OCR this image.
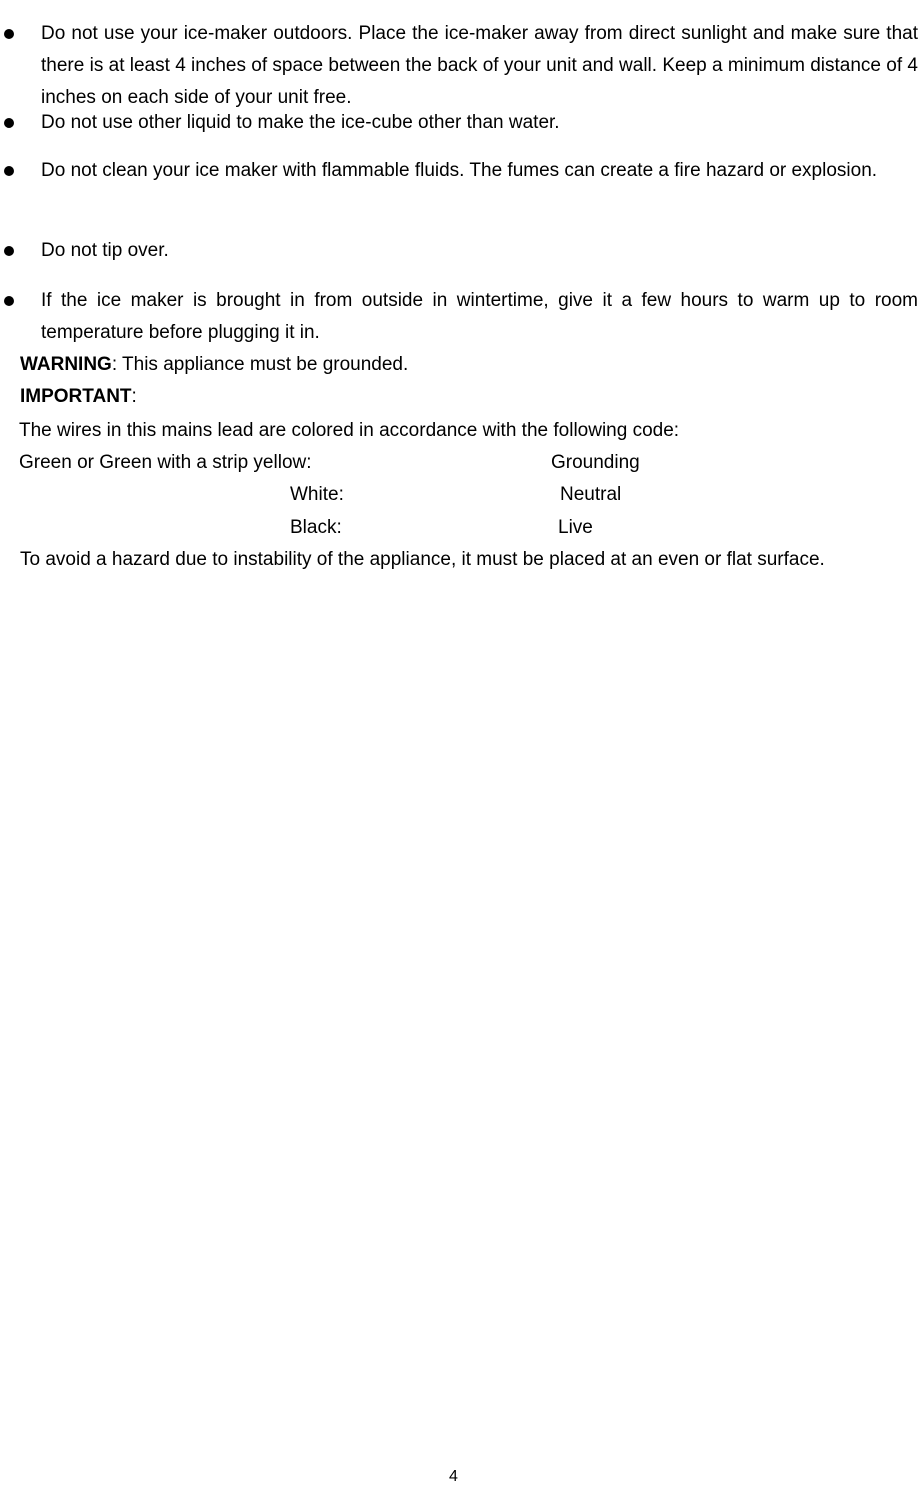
Do not use your ice-maker outdoors. Place the ice-maker away from direct sunlight and make sure that there is at least 4 inches of space between the back of your unit and wall. Keep a minimum distance of 4 inches on each side of your unit free.
Do not use other liquid to make the ice-cube other than water.
Do not clean your ice maker with flammable fluids. The fumes can create a fire hazard or explosion.
Do not tip over.
If the ice maker is brought in from outside in wintertime, give it a few hours to warm up to room temperature before plugging it in.
WARNING: This appliance must be grounded.
IMPORTANT:
The wires in this mains lead are colored in accordance with the following code:
Green or Green with a strip yellow:	Grounding
White:	Neutral
Black:	Live
To avoid a hazard due to instability of the appliance, it must be placed at an even or flat surface.
4
